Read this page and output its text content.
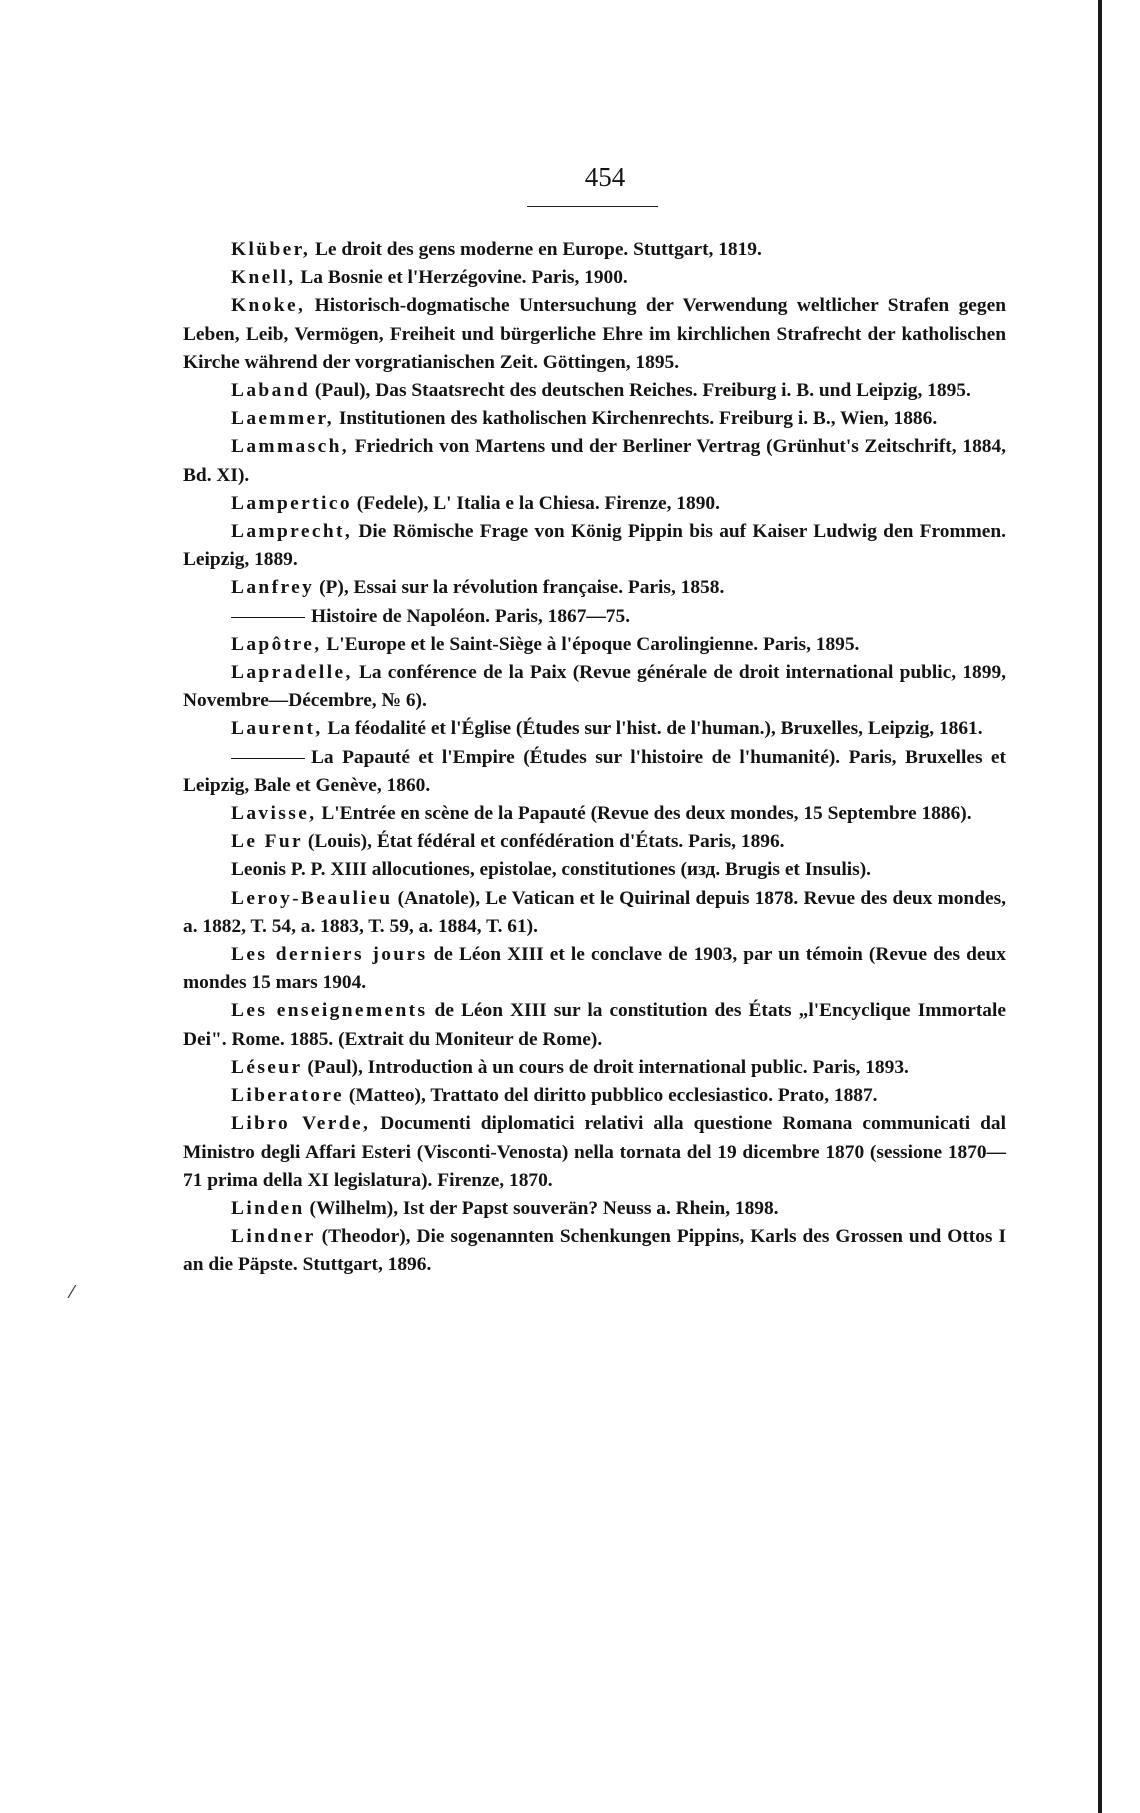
454
⁄

Klüber, Le droit des gens moderne en Europe. Stuttgart, 1819.

Knell, La Bosnie et l'Herzégovine. Paris, 1900.

Knoke, Historisch-dogmatische Untersuchung der Verwendung weltlicher Strafen gegen Leben, Leib, Vermögen, Freiheit und bürgerliche Ehre im kirchlichen Strafrecht der katholischen Kirche während der vorgratianischen Zeit. Göttingen, 1895.

Laband (Paul), Das Staatsrecht des deutschen Reiches. Freiburg i. B. und Leipzig, 1895.

Laemmer, Institutionen des katholischen Kirchenrechts. Freiburg i. B., Wien, 1886.

Lammasch, Friedrich von Martens und der Berliner Vertrag (Grünhut's Zeitschrift, 1884, Bd. XI).

Lampertico (Fedele), L' Italia e la Chiesa. Firenze, 1890.

Lamprecht, Die Römische Frage von König Pippin bis auf Kaiser Ludwig den Frommen. Leipzig, 1889.

Lanfrey (P), Essai sur la révolution française. Paris, 1858.

Histoire de Napoléon. Paris, 1867—75.

Lapôtre, L'Europe et le Saint-Siège à l'époque Carolingienne. Paris, 1895.

Lapradelle, La conférence de la Paix (Revue générale de droit international public, 1899, Novembre—Décembre, № 6).

Laurent, La féodalité et l'Église (Études sur l'hist. de l'human.), Bruxelles, Leipzig, 1861.

La Papauté et l'Empire (Études sur l'histoire de l'humanité). Paris, Bruxelles et Leipzig, Bale et Genève, 1860.

Lavisse, L'Entrée en scène de la Papauté (Revue des deux mondes, 15 Septembre 1886).

Le Fur (Louis), État fédéral et confédération d'États. Paris, 1896.

Leonis P. P. XIII allocutiones, epistolae, constitutiones (изд. Brugis et Insulis).

Leroy-Beaulieu (Anatole), Le Vatican et le Quirinal depuis 1878. Revue des deux mondes, a. 1882, T. 54, a. 1883, T. 59, a. 1884, T. 61).

Les derniers jours de Léon XIII et le conclave de 1903, par un témoin (Revue des deux mondes 15 mars 1904.

Les enseignements de Léon XIII sur la constitution des États „l'Encyclique Immortale Dei". Rome. 1885. (Extrait du Moniteur de Rome).

Léseur (Paul), Introduction à un cours de droit international public. Paris, 1893.

Liberatore (Matteo), Trattato del diritto pubblico ecclesiastico. Prato, 1887.

Libro Verde, Documenti diplomatici relativi alla questione Romana communicati dal Ministro degli Affari Esteri (Visconti-Venosta) nella tornata del 19 dicembre 1870 (sessione 1870—71 prima della XI legislatura). Firenze, 1870.

Linden (Wilhelm), Ist der Papst souverän? Neuss a. Rhein, 1898.

Lindner (Theodor), Die sogenannten Schenkungen Pippins, Karls des Grossen und Ottos I an die Päpste. Stuttgart, 1896.
